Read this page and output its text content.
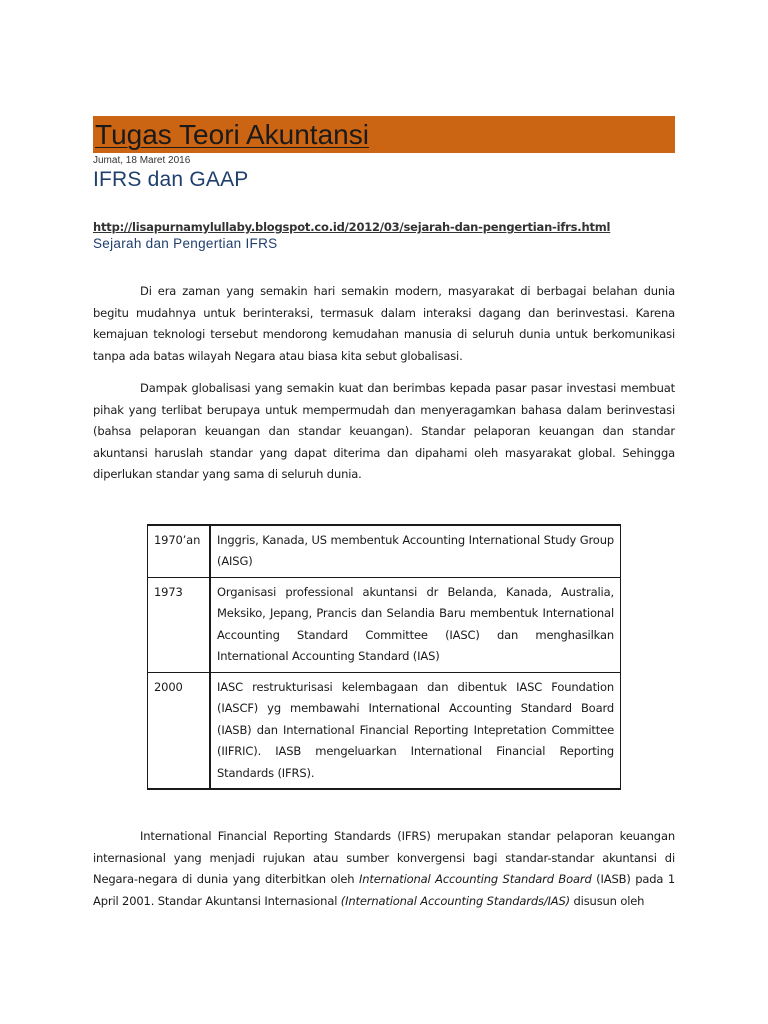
Tugas Teori Akuntansi
Jumat, 18 Maret 2016
IFRS dan GAAP
http://lisapurnamylullaby.blogspot.co.id/2012/03/sejarah-dan-pengertian-ifrs.html
Sejarah dan Pengertian IFRS

Di era zaman yang semakin hari semakin modern, masyarakat di berbagai belahan dunia begitu mudahnya untuk berinteraksi, termasuk dalam interaksi dagang dan berinvestasi. Karena kemajuan teknologi tersebut mendorong kemudahan manusia di seluruh dunia untuk berkomunikasi tanpa ada batas wilayah Negara atau biasa kita sebut globalisasi.

Dampak globalisasi yang semakin kuat dan berimbas kepada pasar pasar investasi membuat pihak yang terlibat berupaya untuk mempermudah dan menyeragamkan bahasa dalam berinvestasi (bahsa pelaporan keuangan dan standar keuangan). Standar pelaporan keuangan dan standar akuntansi haruslah standar yang dapat diterima dan dipahami oleh masyarakat global. Sehingga diperlukan standar yang sama di seluruh dunia.

1970’an	Inggris, Kanada, US membentuk Accounting International Study Group (AISG)
1973	Organisasi professional akuntansi dr Belanda, Kanada, Australia, Meksiko, Jepang, Prancis dan Selandia Baru membentuk International Accounting Standard Committee (IASC) dan menghasilkan International Accounting Standard (IAS)
2000	IASC restrukturisasi kelembagaan dan dibentuk IASC Foundation (IASCF) yg membawahi International Accounting Standard Board (IASB) dan International Financial Reporting Intepretation Committee (IIFRIC). IASB mengeluarkan International Financial Reporting Standards (IFRS).

International Financial Reporting Standards (IFRS) merupakan standar pelaporan keuangan internasional yang menjadi rujukan atau sumber konvergensi bagi standar-standar akuntansi di Negara-negara di dunia yang diterbitkan oleh International Accounting Standard Board (IASB) pada 1 April 2001. Standar Akuntansi Internasional (International Accounting Standards/IAS) disusun oleh
